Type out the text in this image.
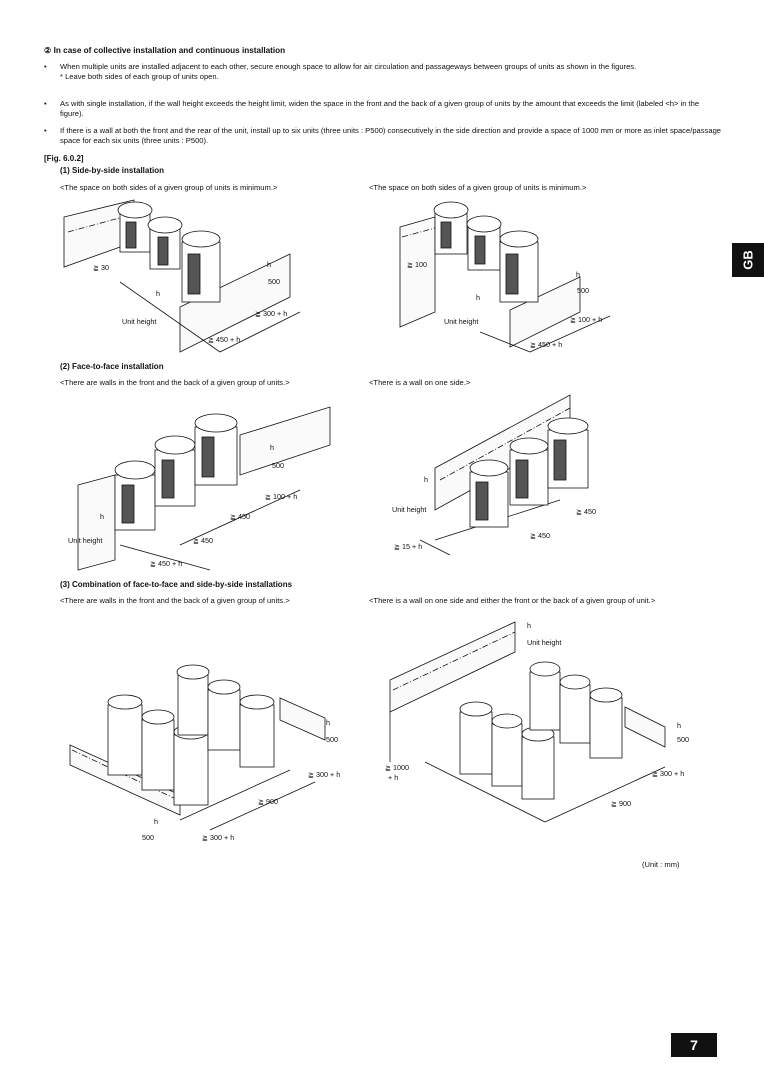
② In case of collective installation and continuous installation
• When multiple units are installed adjacent to each other, secure enough space to allow for air circulation and passageways between groups of units as shown in the figures.
* Leave both sides of each group of units open.
• As with single installation, if the wall height exceeds the height limit, widen the space in the front and the back of a given group of units by the amount that exceeds the limit (labeled <h> in the figure).
• If there is a wall at both the front and the rear of the unit, install up to six units (three units : P500) consecutively in the side direction and provide a space of 1000 mm or more as inlet space/passage space for each six units (three units : P500).
[Fig. 6.0.2]
(1) Side-by-side installation
<The space on both sides of a given group of units is minimum.>	<The space on both sides of a given group of units is minimum.>
≧ 30	h
500
h
≧ 300 + h
Unit height
≧ 450 + h
≧ 100
h
500
h
≧ 100 + h
Unit height
≧ 450 + h
(2) Face-to-face installation
<There are walls in the front and the back of a given group of units.>	<There is a wall on one side.>
h
500
≧ 100 + h
≧ 450
h
≧ 450
Unit height
≧ 450 + h
h
Unit height	≧ 450
≧ 450
≧ 15 + h
(3) Combination of face-to-face and side-by-side installations
<There are walls in the front and the back of a given group of units.>	<There is a wall on one side and either the front or the back of a given group of unit.>
h
500
≧ 300 + h
≧ 900
h
500	≧ 300 + h
h
Unit height
h
500
≧ 1000
+ h	≧ 300 + h
≧ 900
(Unit : mm)
GB
7
